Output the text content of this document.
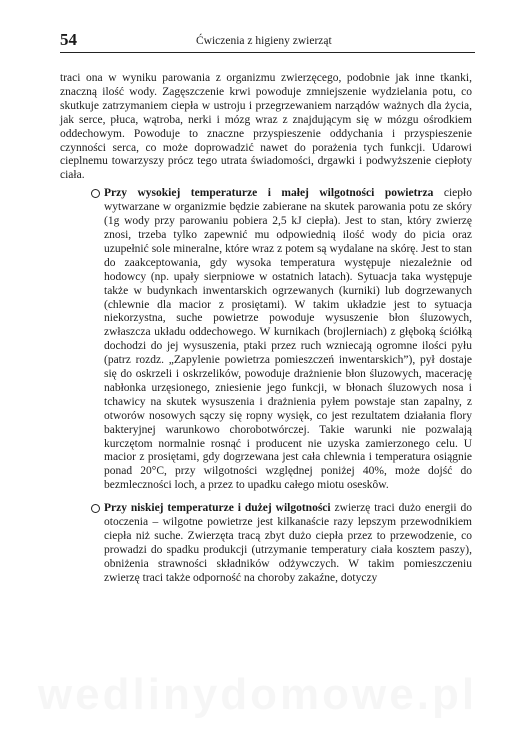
54	Ćwiczenia z higieny zwierząt

traci ona w wyniku parowania z organizmu zwierzęcego, podobnie jak inne tkanki, znaczną ilość wody. Zagęszczenie krwi powoduje zmniejszenie wydzielania potu, co skutkuje zatrzymaniem ciepła w ustroju i przegrzewaniem narządów ważnych dla życia, jak serce, płuca, wątroba, nerki i mózg wraz z znajdującym się w mózgu ośrodkiem oddechowym. Powoduje to znaczne przyspieszenie oddychania i przyspieszenie czynności serca, co może doprowadzić nawet do porażenia tych funkcji. Udarowi cieplnemu towarzyszy prócz tego utrata świadomości, drgawki i podwyższenie ciepłoty ciała.

Przy wysokiej temperaturze i małej wilgotności powietrza ciepło wytwarzane w organizmie będzie zabierane na skutek parowania potu ze skóry (1g wody przy parowaniu pobiera 2,5 kJ ciepła). Jest to stan, który zwierzę znosi, trzeba tylko zapewnić mu odpowiednią ilość wody do picia oraz uzupełnić sole mineralne, które wraz z potem są wydalane na skórę. Jest to stan do zaakceptowania, gdy wysoka temperatura występuje niezależnie od hodowcy (np. upały sierpniowe w ostatnich latach). Sytuacja taka występuje także w budynkach inwentarskich ogrzewanych (kurniki) lub dogrzewanych (chlewnie dla macior z prosiętami). W takim układzie jest to sytuacja niekorzystna, suche powietrze powoduje wysuszenie błon śluzowych, zwłaszcza układu oddechowego. W kurnikach (brojlerniach) z głęboką ściółką dochodzi do jej wysuszenia, ptaki przez ruch wzniecają ogromne ilości pyłu (patrz rozdz. „Zapylenie powietrza pomieszczeń inwentarskich”), pył dostaje się do oskrzeli i oskrzelików, powoduje drażnienie błon śluzowych, macerację nabłonka urzęsionego, zniesienie jego funkcji, w błonach śluzowych nosa i tchawicy na skutek wysuszenia i drażnienia pyłem powstaje stan zapalny, z otworów nosowych sączy się ropny wysięk, co jest rezultatem działania flory bakteryjnej warunkowo chorobotwórczej. Takie warunki nie pozwalają kurczętom normalnie rosnąć i producent nie uzyska zamierzonego celu. U macior z prosiętami, gdy dogrzewana jest cała chlewnia i temperatura osiągnie ponad 20°C, przy wilgotności względnej poniżej 40%, może dojść do bezmleczności loch, a przez to upadku całego miotu oseskôw.

Przy niskiej temperaturze i dużej wilgotności zwierzę traci dużo energii do otoczenia – wilgotne powietrze jest kilkanaście razy lepszym przewodnikiem ciepła niż suche. Zwierzęta tracą zbyt dużo ciepła przez to przewodzenie, co prowadzi do spadku produkcji (utrzymanie temperatury ciała kosztem paszy), obniżenia strawności składników odżywczych. W takim pomieszczeniu zwierzę traci także odporność na choroby zakaźne, dotyczy
